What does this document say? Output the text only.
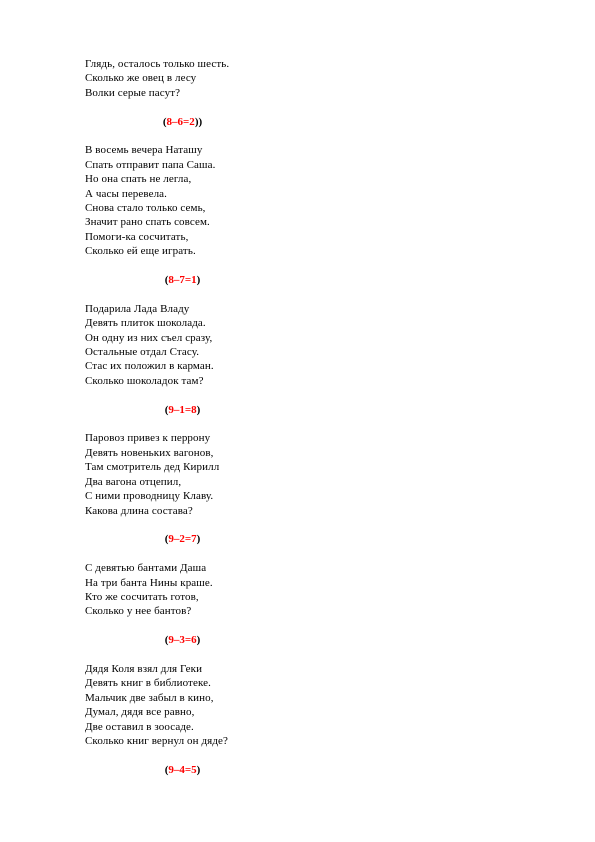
Глядь, осталось только шесть.
Сколько же овец в лесу
Волки серые пасут?
(8–6=2))
В восемь вечера Наташу
Спать отправит папа Саша.
Но она спать не легла,
А часы перевела.
Снова стало только семь,
Значит рано спать совсем.
Помоги-ка сосчитать,
Сколько ей еще играть.
(8–7=1)
Подарила Лада Владу
Девять плиток шоколада.
Он одну из них съел сразу,
Остальные отдал Стасу.
Стас их положил в карман.
Сколько шоколадок там?
(9–1=8)
Паровоз привез к перрону
Девять новеньких вагонов,
Там смотритель дед Кирилл
Два вагона отцепил,
С ними проводницу Клаву.
Какова длина состава?
(9–2=7)
С девятью бантами Даша
На три банта Нины краше.
Кто же сосчитать готов,
Сколько у нее бантов?
(9–3=6)
Дядя Коля взял для Геки
Девять книг в библиотеке.
Мальчик две забыл в кино,
Думал, дядя все равно,
Две оставил в зоосаде.
Сколько книг вернул он дяде?
(9–4=5)
